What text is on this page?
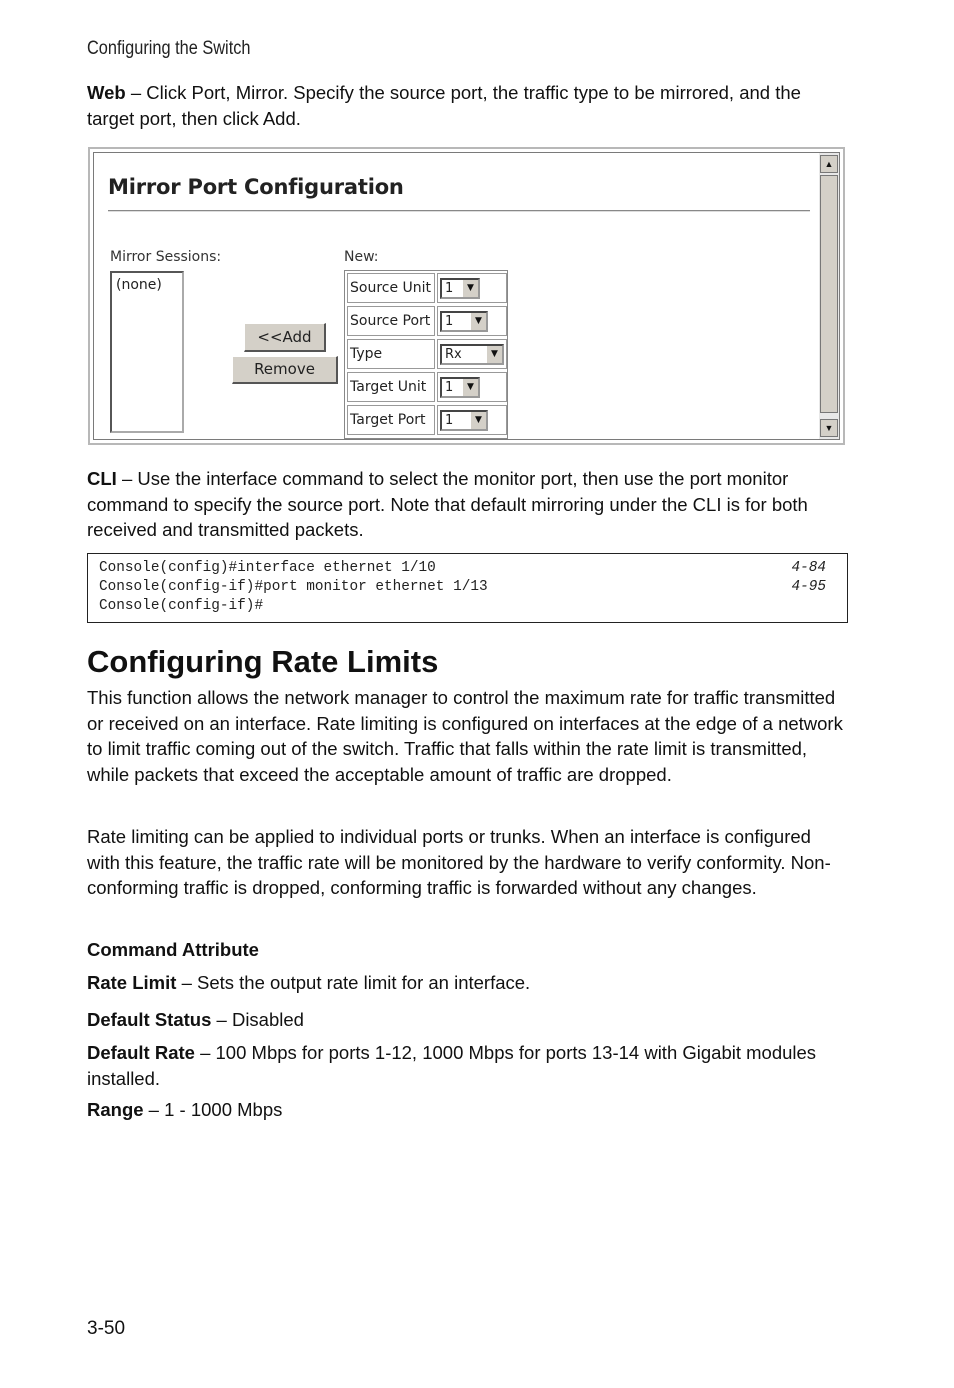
Configuring the Switch
Web – Click Port, Mirror. Specify the source port, the traffic type to be mirrored, and the target port, then click Add.
Mirror Port Configuration
Mirror Sessions:	New:
(none)
<<Add
Remove
Source Unit	1	▼
Source Port	1	▼
Type	Rx	▼
Target Unit	1	▼
Target Port	1	▼
▲
▼
CLI – Use the interface command to select the monitor port, then use the port monitor command to specify the source port. Note that default mirroring under the CLI is for both received and transmitted packets.
Console(config)#interface ethernet 1/10	4-84
Console(config-if)#port monitor ethernet 1/13	4-95
Console(config-if)#
Configuring Rate Limits
This function allows the network manager to control the maximum rate for traffic transmitted or received on an interface. Rate limiting is configured on interfaces at the edge of a network to limit traffic coming out of the switch. Traffic that falls within the rate limit is transmitted, while packets that exceed the acceptable amount of traffic are dropped.
Rate limiting can be applied to individual ports or trunks. When an interface is configured with this feature, the traffic rate will be monitored by the hardware to verify conformity. Non-conforming traffic is dropped, conforming traffic is forwarded without any changes.
Command Attribute
Rate Limit – Sets the output rate limit for an interface.
Default Status – Disabled
Default Rate – 100 Mbps for ports 1-12, 1000 Mbps for ports 13-14 with Gigabit modules installed.
Range – 1 - 1000 Mbps
3-50
